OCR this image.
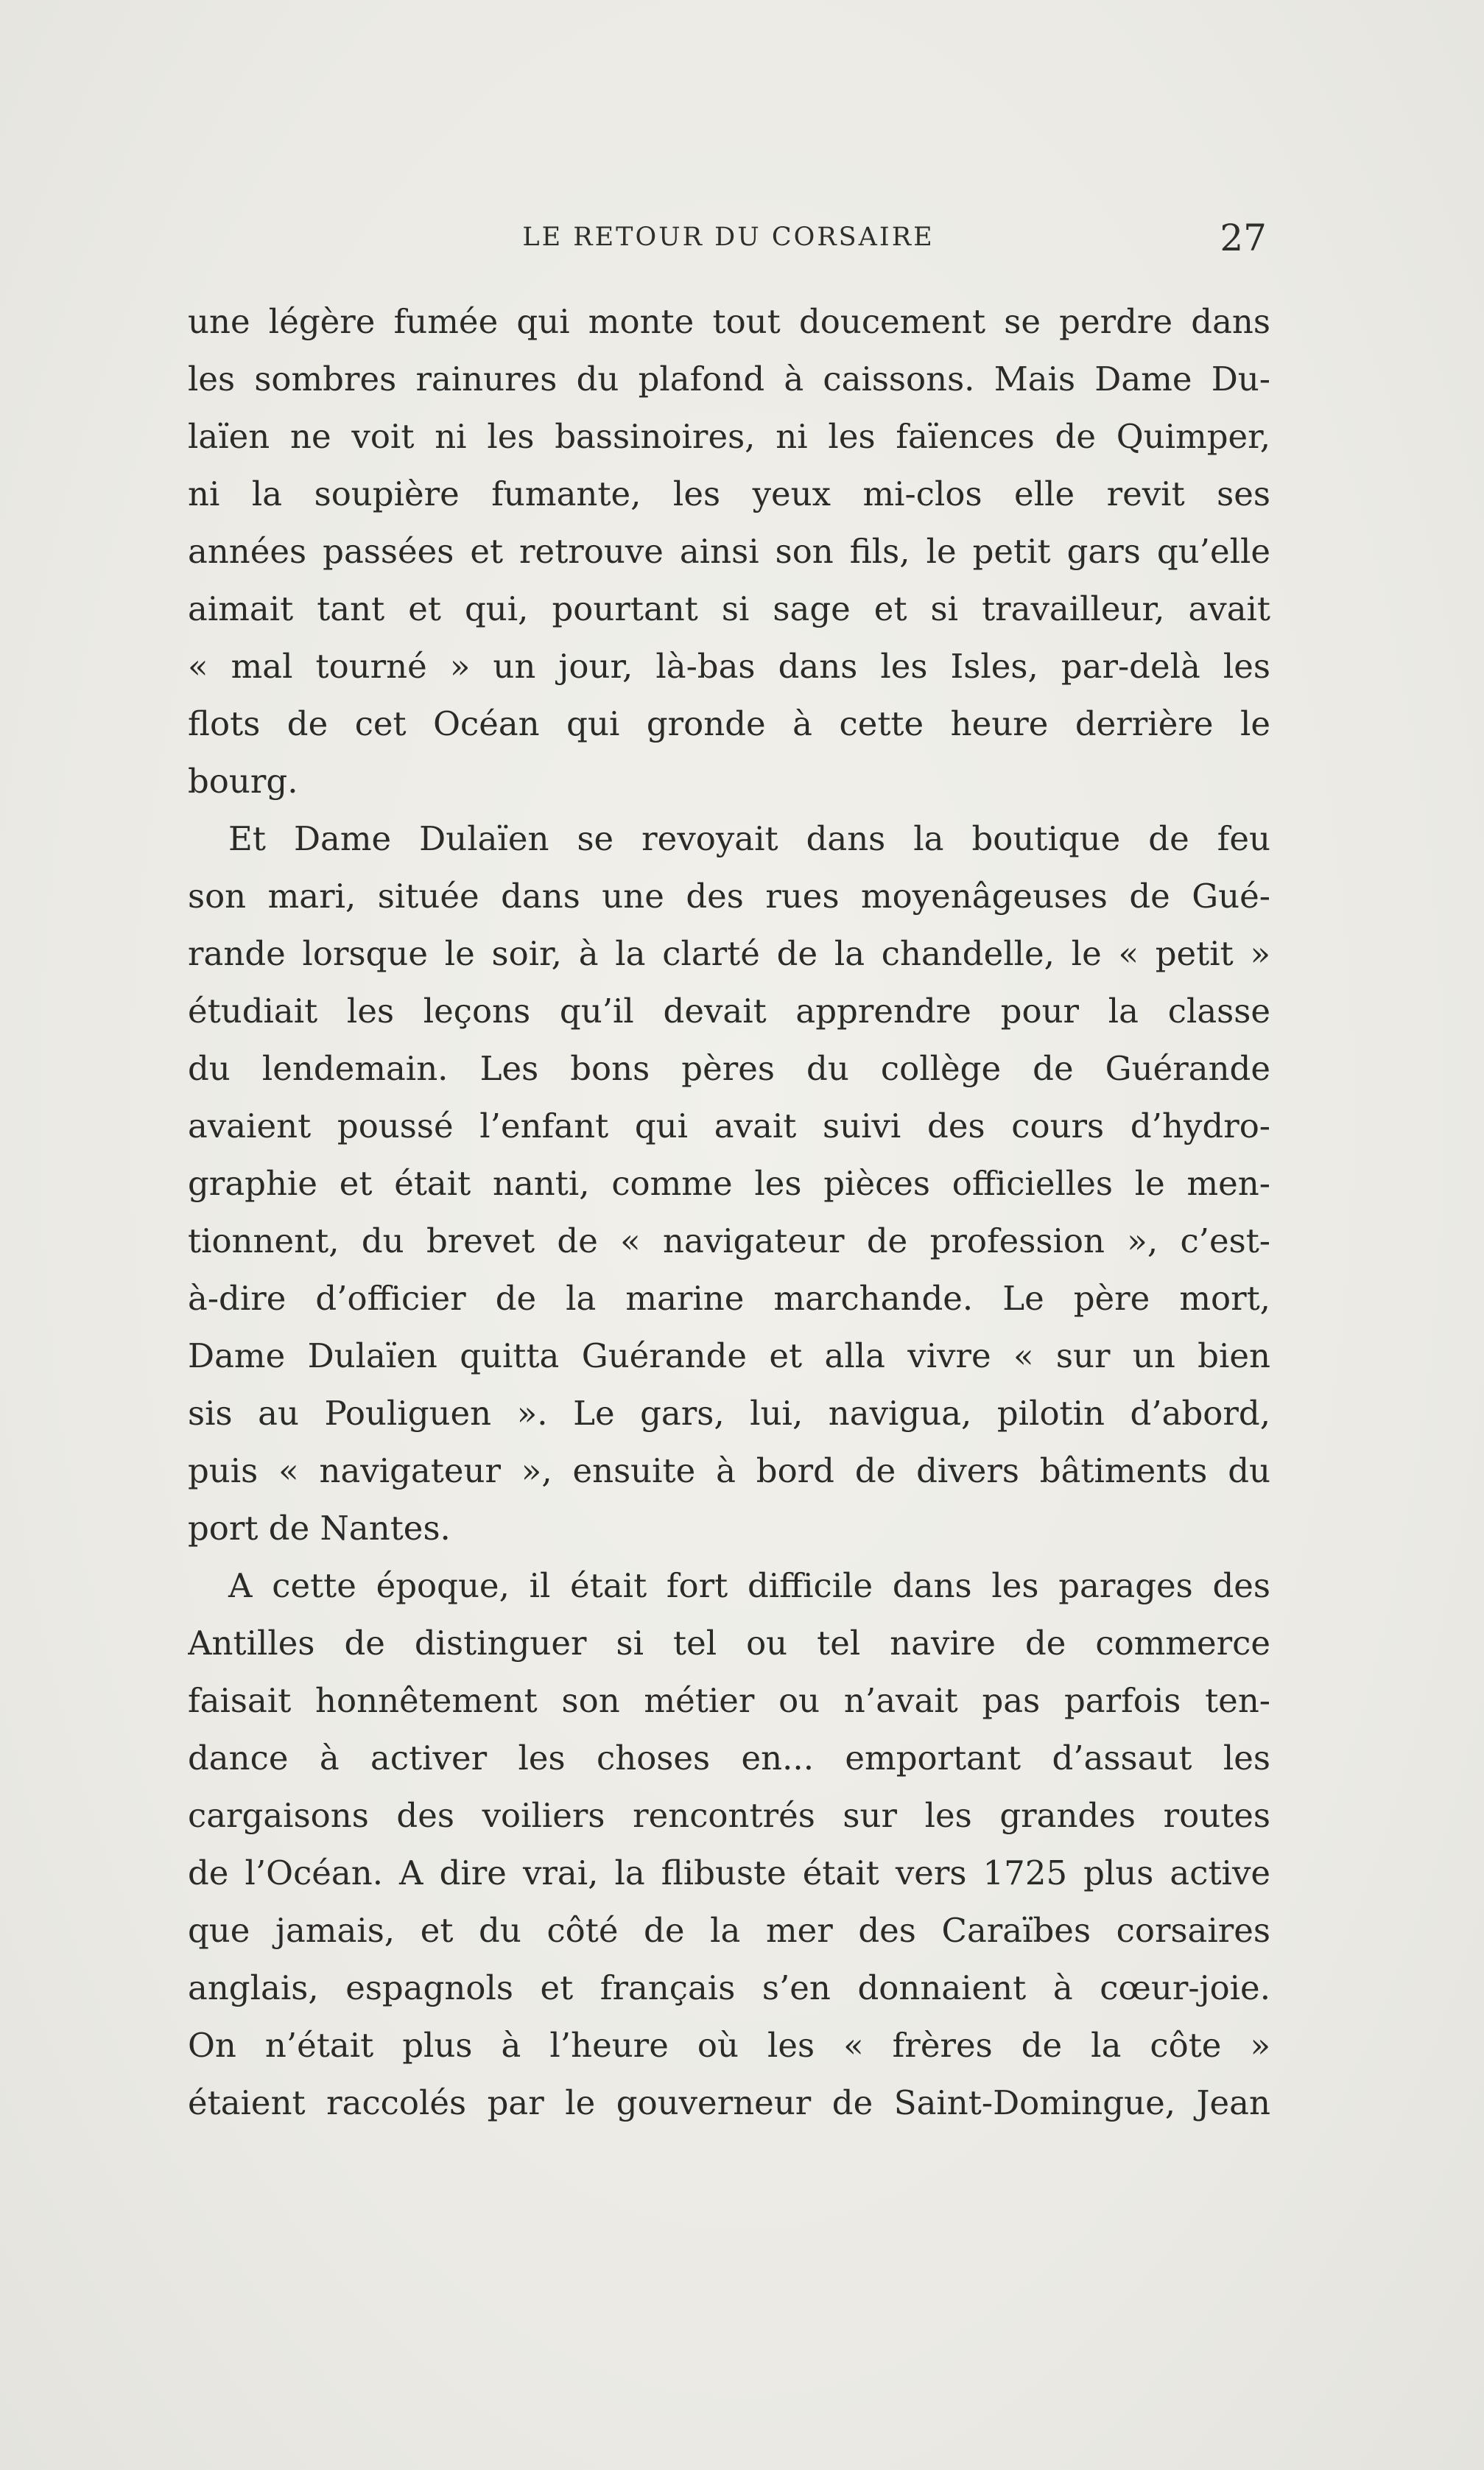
LE RETOUR DU CORSAIRE	27
une légère fumée qui monte tout doucement se perdre dans
les sombres rainures du plafond à caissons. Mais Dame Du-
laïen ne voit ni les bassinoires, ni les faïences de Quimper,
ni la soupière fumante, les yeux mi-clos elle revit ses
années passées et retrouve ainsi son fils, le petit gars qu’elle
aimait tant et qui, pourtant si sage et si travailleur, avait
« mal tourné » un jour, là-bas dans les Isles, par-delà les
flots de cet Océan qui gronde à cette heure derrière le
bourg.
Et Dame Dulaïen se revoyait dans la boutique de feu
son mari, située dans une des rues moyenâgeuses de Gué-
rande lorsque le soir, à la clarté de la chandelle, le « petit »
étudiait les leçons qu’il devait apprendre pour la classe
du lendemain. Les bons pères du collège de Guérande
avaient poussé l’enfant qui avait suivi des cours d’hydro-
graphie et était nanti, comme les pièces officielles le men-
tionnent, du brevet de « navigateur de profession », c’est-
à-dire d’officier de la marine marchande. Le père mort,
Dame Dulaïen quitta Guérande et alla vivre « sur un bien
sis au Pouliguen ». Le gars, lui, navigua, pilotin d’abord,
puis « navigateur », ensuite à bord de divers bâtiments du
port de Nantes.
A cette époque, il était fort difficile dans les parages des
Antilles de distinguer si tel ou tel navire de commerce
faisait honnêtement son métier ou n’avait pas parfois ten-
dance à activer les choses en... emportant d’assaut les
cargaisons des voiliers rencontrés sur les grandes routes
de l’Océan. A dire vrai, la flibuste était vers 1725 plus active
que jamais, et du côté de la mer des Caraïbes corsaires
anglais, espagnols et français s’en donnaient à cœur-joie.
On n’était plus à l’heure où les « frères de la côte »
étaient raccolés par le gouverneur de Saint-Domingue, Jean
